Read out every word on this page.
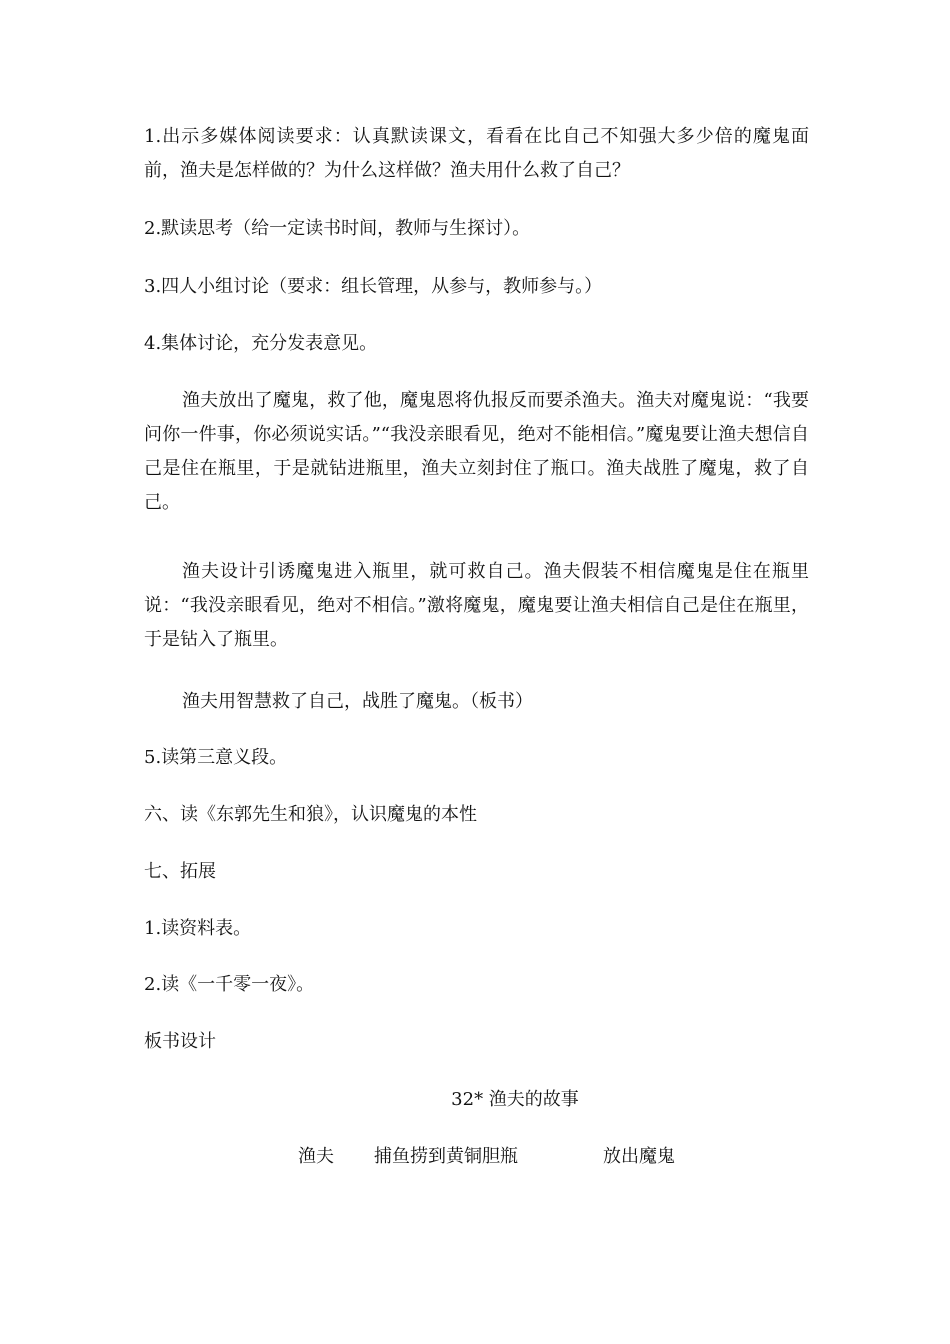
1.出示多媒体阅读要求：认真默读课文，看看在比自己不知强大多少倍的魔鬼面前，渔夫是怎样做的？为什么这样做？渔夫用什么救了自己？
2.默读思考（给一定读书时间，教师与生探讨）。
3.四人小组讨论（要求：组长管理，从参与，教师参与。）
4.集体讨论，充分发表意见。
渔夫放出了魔鬼，救了他，魔鬼恩将仇报反而要杀渔夫。渔夫对魔鬼说：“我要问你一件事，你必须说实话。”“我没亲眼看见，绝对不能相信。”魔鬼要让渔夫想信自己是住在瓶里，于是就钻进瓶里，渔夫立刻封住了瓶口。渔夫战胜了魔鬼，救了自己。
渔夫设计引诱魔鬼进入瓶里，就可救自己。渔夫假装不相信魔鬼是住在瓶里说：“我没亲眼看见，绝对不相信。”激将魔鬼，魔鬼要让渔夫相信自己是住在瓶里，于是钻入了瓶里。
渔夫用智慧救了自己，战胜了魔鬼。（板书）
5.读第三意义段。
六、读《东郭先生和狼》，认识魔鬼的本性
七、拓展
1.读资料表。
2.读《一千零一夜》。
板书设计
32* 渔夫的故事
渔夫 捕鱼捞到黄铜胆瓶	放出魔鬼
